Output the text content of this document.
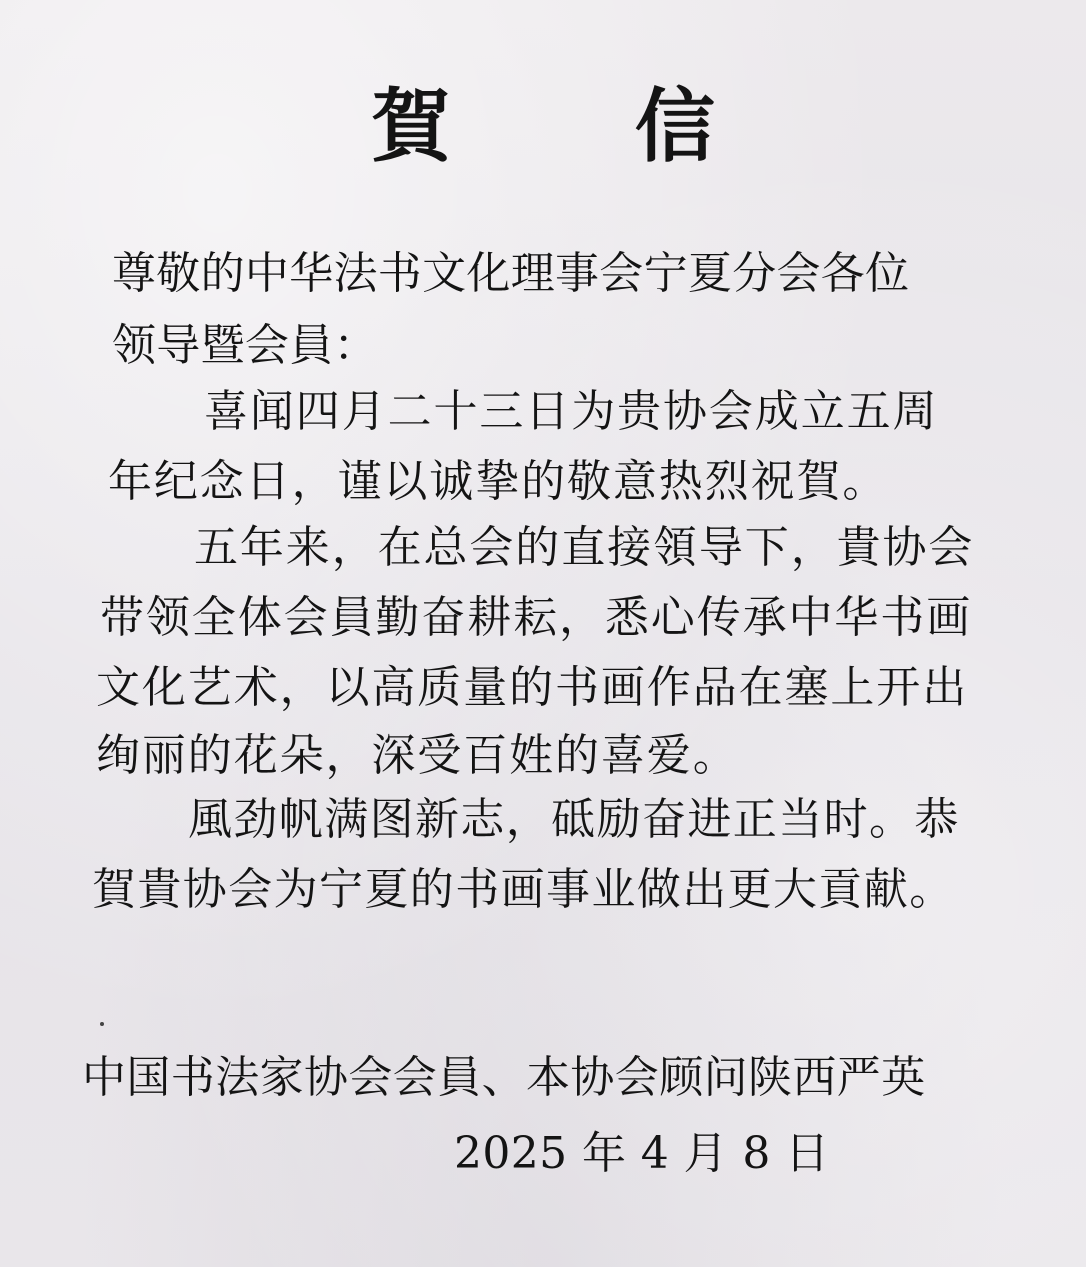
賀 信

尊敬的中华法书文化理事会宁夏分会各位

领导暨会員：

喜闻四月二十三日为贵协会成立五周

年纪念日，谨以诚挚的敬意热烈祝賀。

五年来，在总会的直接領导下，貴协会

带领全体会員勤奋耕耘，悉心传承中华书画

文化艺术，以高质量的书画作品在塞上开出

绚丽的花朵，深受百姓的喜爱。

風劲帆满图新志，砥励奋进正当时。恭

賀貴协会为宁夏的书画事业做出更大貢献。

中国书法家协会会員、本协会顾问陕西严英

2025 年 4 月 8 日
